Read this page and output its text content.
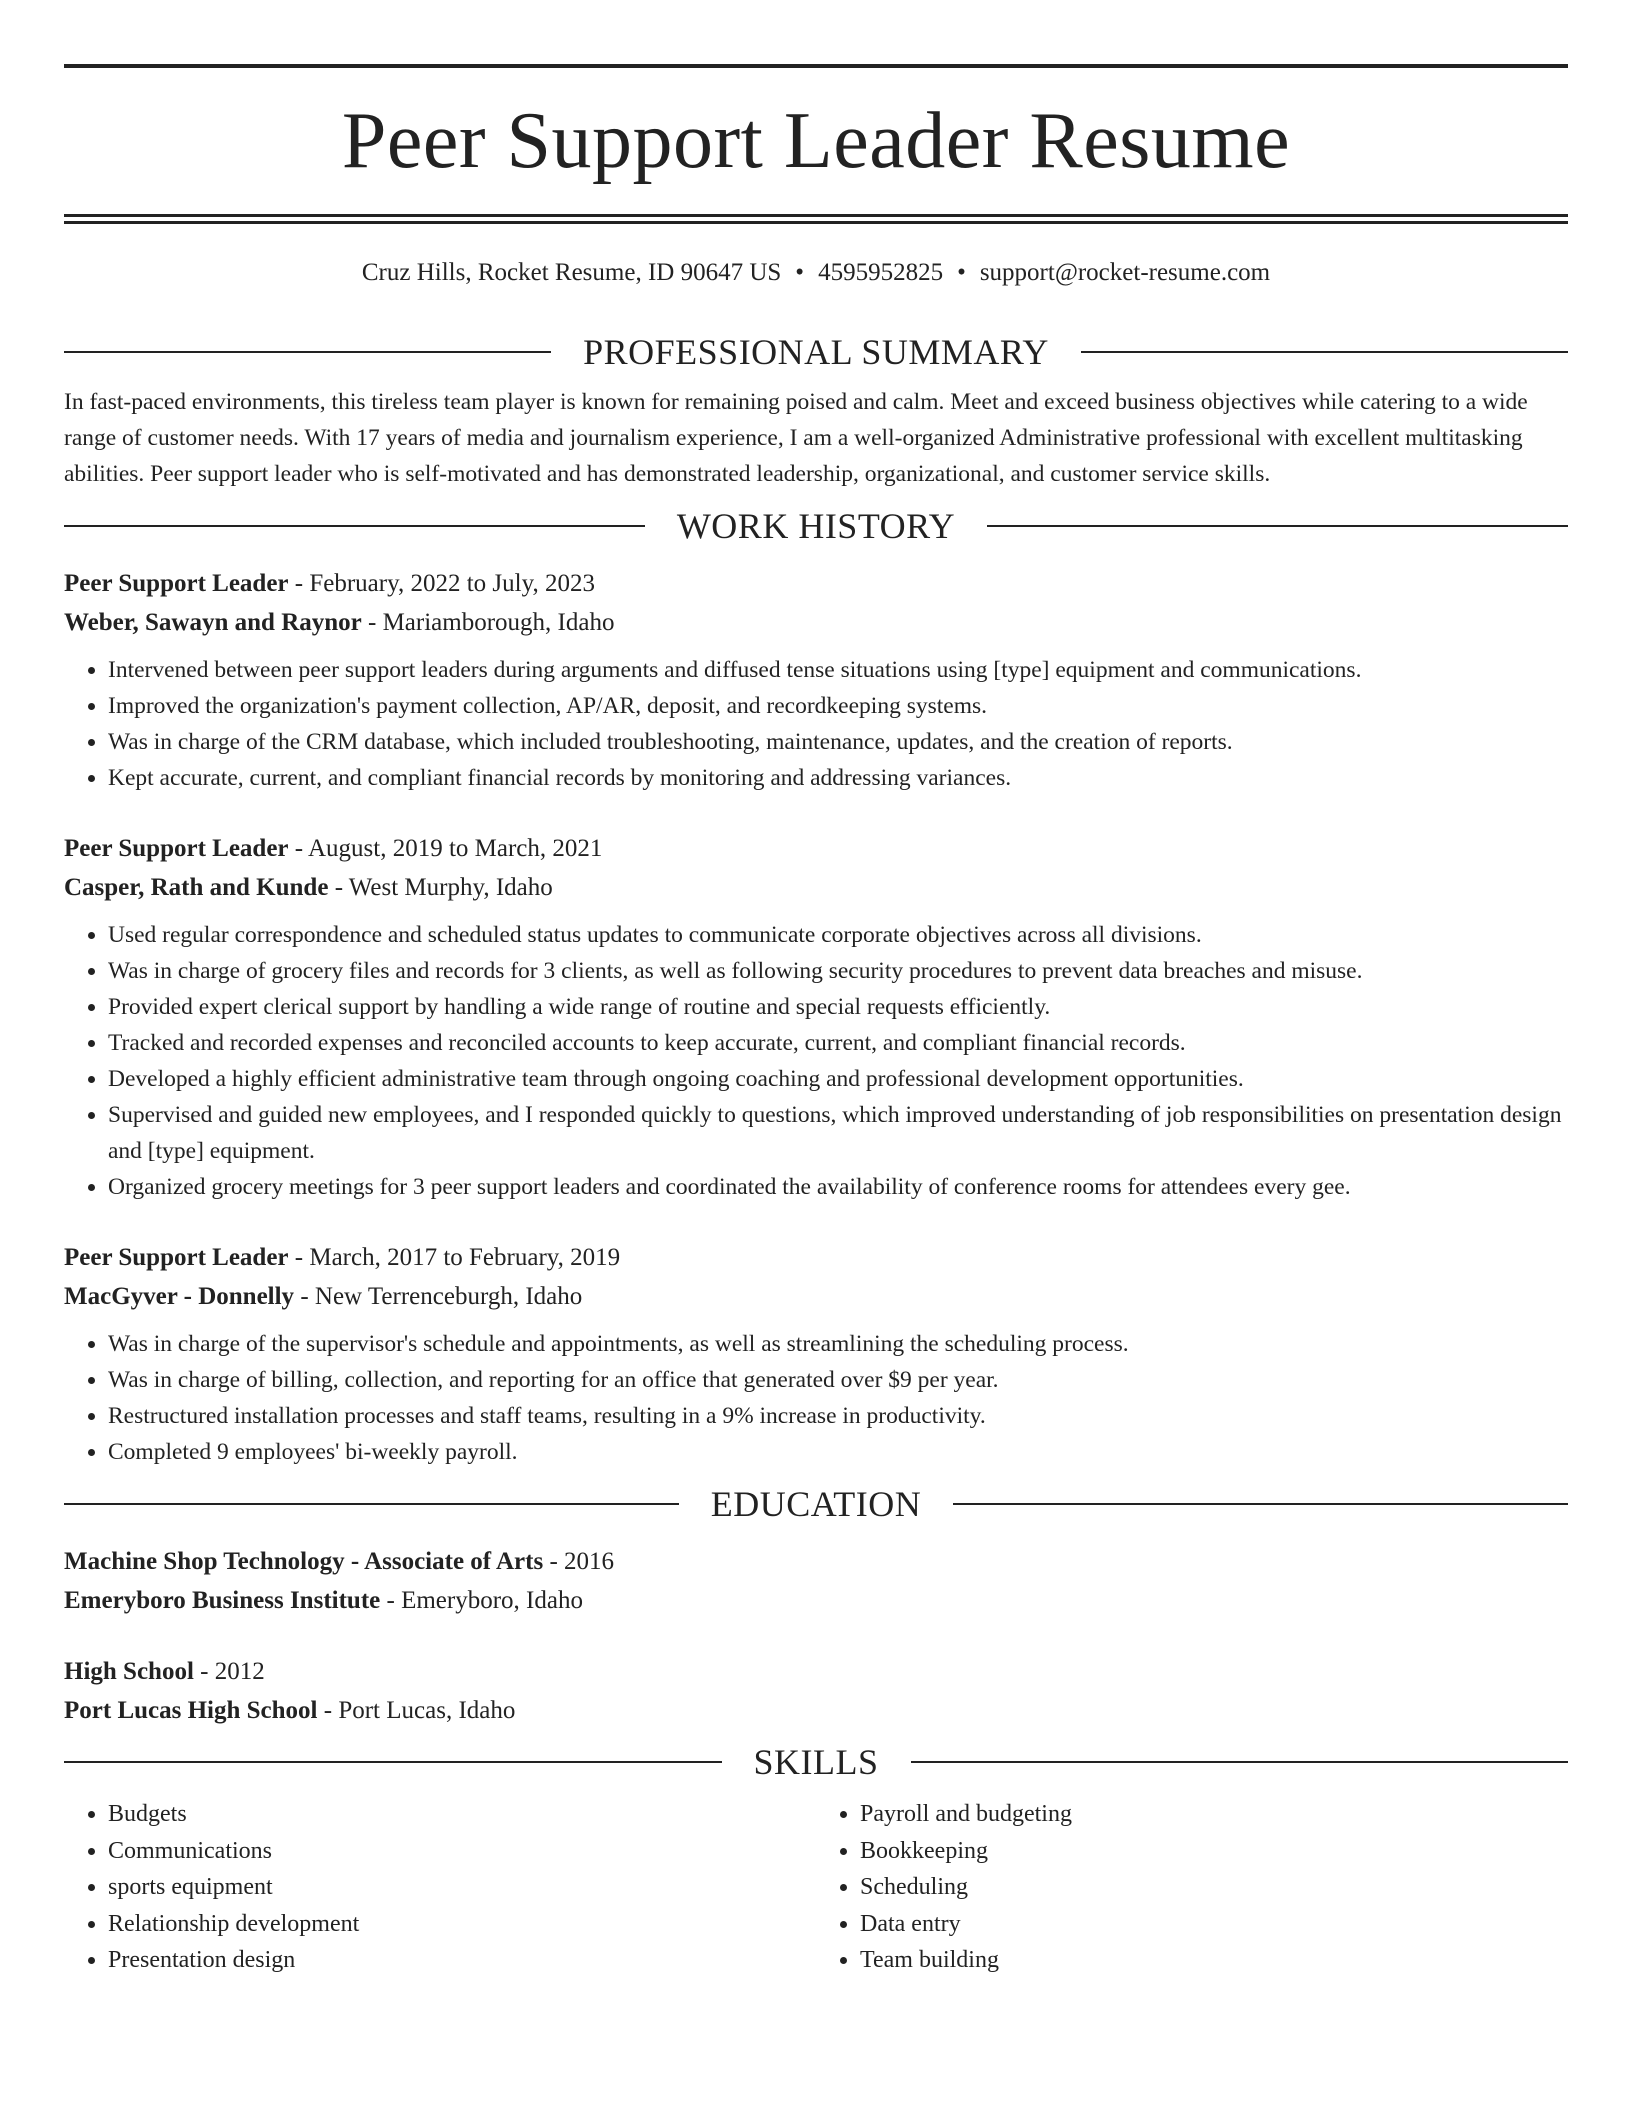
Peer Support Leader Resume
Cruz Hills, Rocket Resume, ID 90647 US • 4595952825 • support@rocket-resume.com
PROFESSIONAL SUMMARY

In fast-paced environments, this tireless team player is known for remaining poised and calm. Meet and exceed business objectives while catering to a wide range of customer needs. With 17 years of media and journalism experience, I am a well-organized Administrative professional with excellent multitasking abilities. Peer support leader who is self-motivated and has demonstrated leadership, organizational, and customer service skills.

WORK HISTORY
Peer Support Leader - February, 2022 to July, 2023
Weber, Sawayn and Raynor - Mariamborough, Idaho
• Intervened between peer support leaders during arguments and diffused tense situations using [type] equipment and communications.
• Improved the organization's payment collection, AP/AR, deposit, and recordkeeping systems.
• Was in charge of the CRM database, which included troubleshooting, maintenance, updates, and the creation of reports.
• Kept accurate, current, and compliant financial records by monitoring and addressing variances.
Peer Support Leader - August, 2019 to March, 2021
Casper, Rath and Kunde - West Murphy, Idaho
• Used regular correspondence and scheduled status updates to communicate corporate objectives across all divisions.
• Was in charge of grocery files and records for 3 clients, as well as following security procedures to prevent data breaches and misuse.
• Provided expert clerical support by handling a wide range of routine and special requests efficiently.
• Tracked and recorded expenses and reconciled accounts to keep accurate, current, and compliant financial records.
• Developed a highly efficient administrative team through ongoing coaching and professional development opportunities.
• Supervised and guided new employees, and I responded quickly to questions, which improved understanding of job responsibilities on presentation design and [type] equipment.
• Organized grocery meetings for 3 peer support leaders and coordinated the availability of conference rooms for attendees every gee.
Peer Support Leader - March, 2017 to February, 2019
MacGyver - Donnelly - New Terrenceburgh, Idaho
• Was in charge of the supervisor's schedule and appointments, as well as streamlining the scheduling process.
• Was in charge of billing, collection, and reporting for an office that generated over $9 per year.
• Restructured installation processes and staff teams, resulting in a 9% increase in productivity.
• Completed 9 employees' bi-weekly payroll.
EDUCATION
Machine Shop Technology - Associate of Arts - 2016
Emeryboro Business Institute - Emeryboro, Idaho
High School - 2012
Port Lucas High School - Port Lucas, Idaho
SKILLS
• Budgets
• Communications
• sports equipment
• Relationship development
• Presentation design
• Payroll and budgeting
• Bookkeeping
• Scheduling
• Data entry
• Team building
